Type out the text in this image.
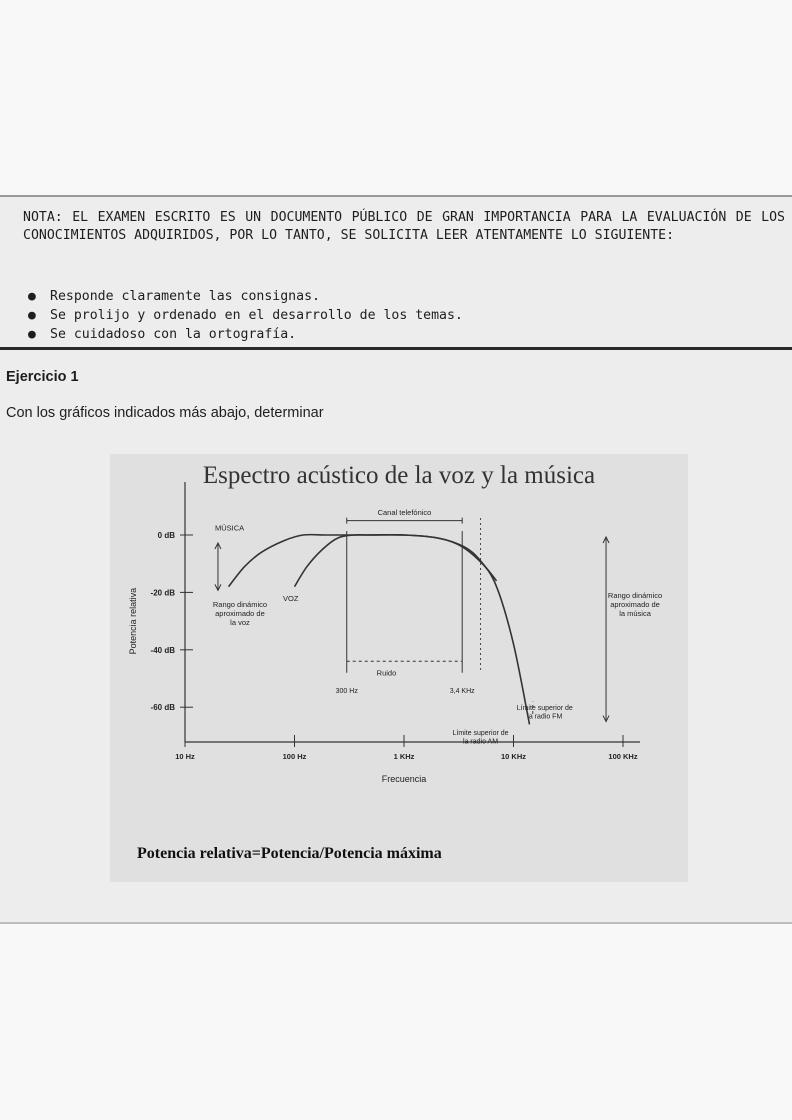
NOTA: EL EXAMEN ESCRITO ES UN DOCUMENTO PÚBLICO DE GRAN IMPORTANCIA PARA LA EVALUACIÓN DE LOS CONOCIMIENTOS ADQUIRIDOS, POR LO TANTO, SE SOLICITA LEER ATENTAMENTE LO SIGUIENTE:

● Responde claramente las consignas.
● Se prolijo y ordenado en el desarrollo de los temas.
● Se cuidadoso con la ortografía.
Ejercicio 1
Con los gráficos indicados más abajo, determinar
Espectro acústico de la voz y la música
0 dB
-20 dB
-40 dB
-60 dB
Potencia relativa
10 Hz	100 Hz	1 KHz	10 KHz	100 KHz
Frecuencia
Canal telefónico
300 Hz	3,4 KHz
Ruido
Límite superior de
la radio AM
Límite superior de
la radio FM
Rango dinámico
aproximado de
la voz
Rango dinámico
aproximado de
la música
MÚSICA
VOZ
Potencia relativa=Potencia/Potencia máxima
